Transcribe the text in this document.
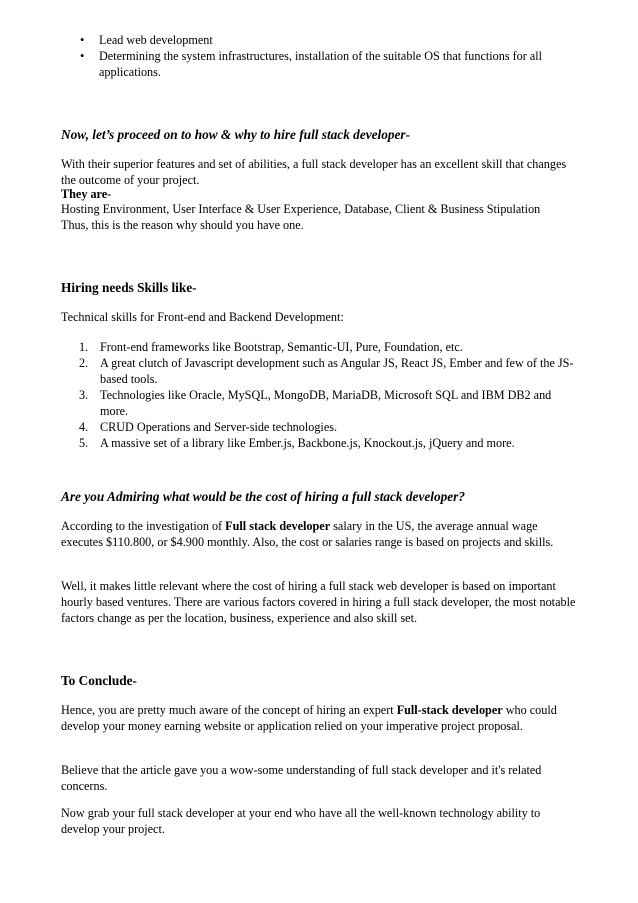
• Lead web development
• Determining the system infrastructures, installation of the suitable OS that functions for all applications.
Now, let’s proceed on to how & why to hire full stack developer-

With their superior features and set of abilities, a full stack developer has an excellent skill that changes the outcome of your project.

They are-

Hosting Environment, User Interface & User Experience, Database, Client & Business Stipulation

Thus, this is the reason why should you have one.

Hiring needs Skills like-

Technical skills for Front-end and Backend Development:

1. Front-end frameworks like Bootstrap, Semantic-UI, Pure, Foundation, etc.
2. A great clutch of Javascript development such as Angular JS, React JS, Ember and few of the JS-based tools.
3. Technologies like Oracle, MySQL, MongoDB, MariaDB, Microsoft SQL and IBM DB2 and more.
4. CRUD Operations and Server-side technologies.
5. A massive set of a library like Ember.js, Backbone.js, Knockout.js, jQuery and more.
Are you Admiring what would be the cost of hiring a full stack developer?

According to the investigation of Full stack developer salary in the US, the average annual wage executes $110.800, or $4.900 monthly. Also, the cost or salaries range is based on projects and skills.

Well, it makes little relevant where the cost of hiring a full stack web developer is based on important hourly based ventures. There are various factors covered in hiring a full stack developer, the most notable factors change as per the location, business, experience and also skill set.

To Conclude-

Hence, you are pretty much aware of the concept of hiring an expert Full-stack developer who could develop your money earning website or application relied on your imperative project proposal.

Believe that the article gave you a wow-some understanding of full stack developer and it's related concerns.

Now grab your full stack developer at your end who have all the well-known technology ability to develop your project.
